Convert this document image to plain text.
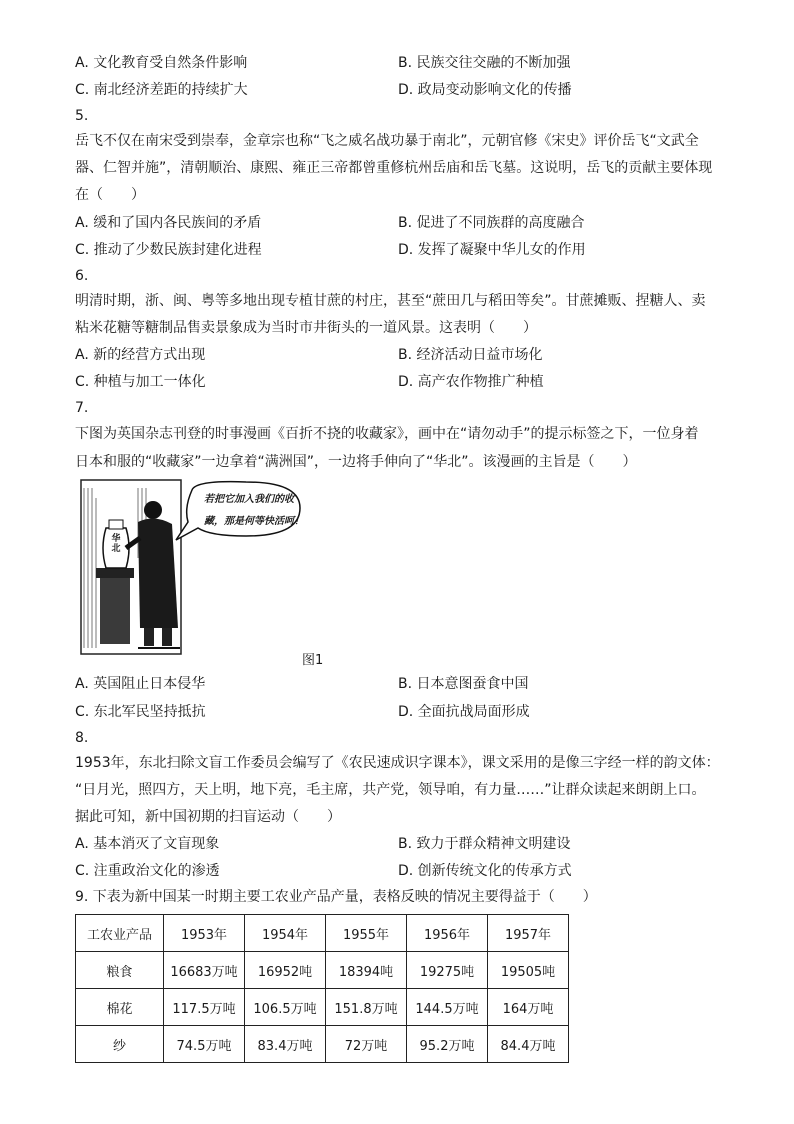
A. 文化教育受自然条件影响	B. 民族交往交融的不断加强
C. 南北经济差距的持续扩大	D. 政局变动影响文化的传播
5.
岳飞不仅在南宋受到崇奉，金章宗也称“飞之威名战功暴于南北”，元朝官修《宋史》评价岳飞“文武全
器、仁智并施”，清朝顺治、康熙、雍正三帝都曾重修杭州岳庙和岳飞墓。这说明，岳飞的贡献主要体现
在（　　）
A. 缓和了国内各民族间的矛盾	B. 促进了不同族群的高度融合
C. 推动了少数民族封建化进程	D. 发挥了凝聚中华儿女的作用
6.
明清时期，浙、闽、粤等多地出现专植甘蔗的村庄，甚至“蔗田几与稻田等矣”。甘蔗摊贩、捏糖人、卖
粘米花糖等糖制品售卖景象成为当时市井街头的一道风景。这表明（　　）
A. 新的经营方式出现	B. 经济活动日益市场化
C. 种植与加工一体化	D. 高产农作物推广种植
7.
下图为英国杂志刊登的时事漫画《百折不挠的收藏家》，画中在“请勿动手”的提示标签之下，一位身着
日本和服的“收藏家”一边拿着“满洲国”，一边将手伸向了“华北”。该漫画的主旨是（　　）
华北
若把它加入我们的收
藏，那是何等快活呵！
图1
A. 英国阻止日本侵华	B. 日本意图蚕食中国
C. 东北军民坚持抵抗	D. 全面抗战局面形成
8.
1953年，东北扫除文盲工作委员会编写了《农民速成识字课本》，课文采用的是像三字经一样的韵文体：
“日月光，照四方，天上明，地下亮，毛主席，共产党，领导咱，有力量……”让群众读起来朗朗上口。
据此可知，新中国初期的扫盲运动（　　）
A. 基本消灭了文盲现象	B. 致力于群众精神文明建设
C. 注重政治文化的渗透	D. 创新传统文化的传承方式
9. 下表为新中国某一时期主要工农业产品产量，表格反映的情况主要得益于（　　）
工农业产品	1953年	1954年	1955年	1956年	1957年
粮食	16683万吨	16952吨	18394吨	19275吨	19505吨
棉花	117.5万吨	106.5万吨	151.8万吨	144.5万吨	164万吨
纱	74.5万吨	83.4万吨	72万吨	95.2万吨	84.4万吨
